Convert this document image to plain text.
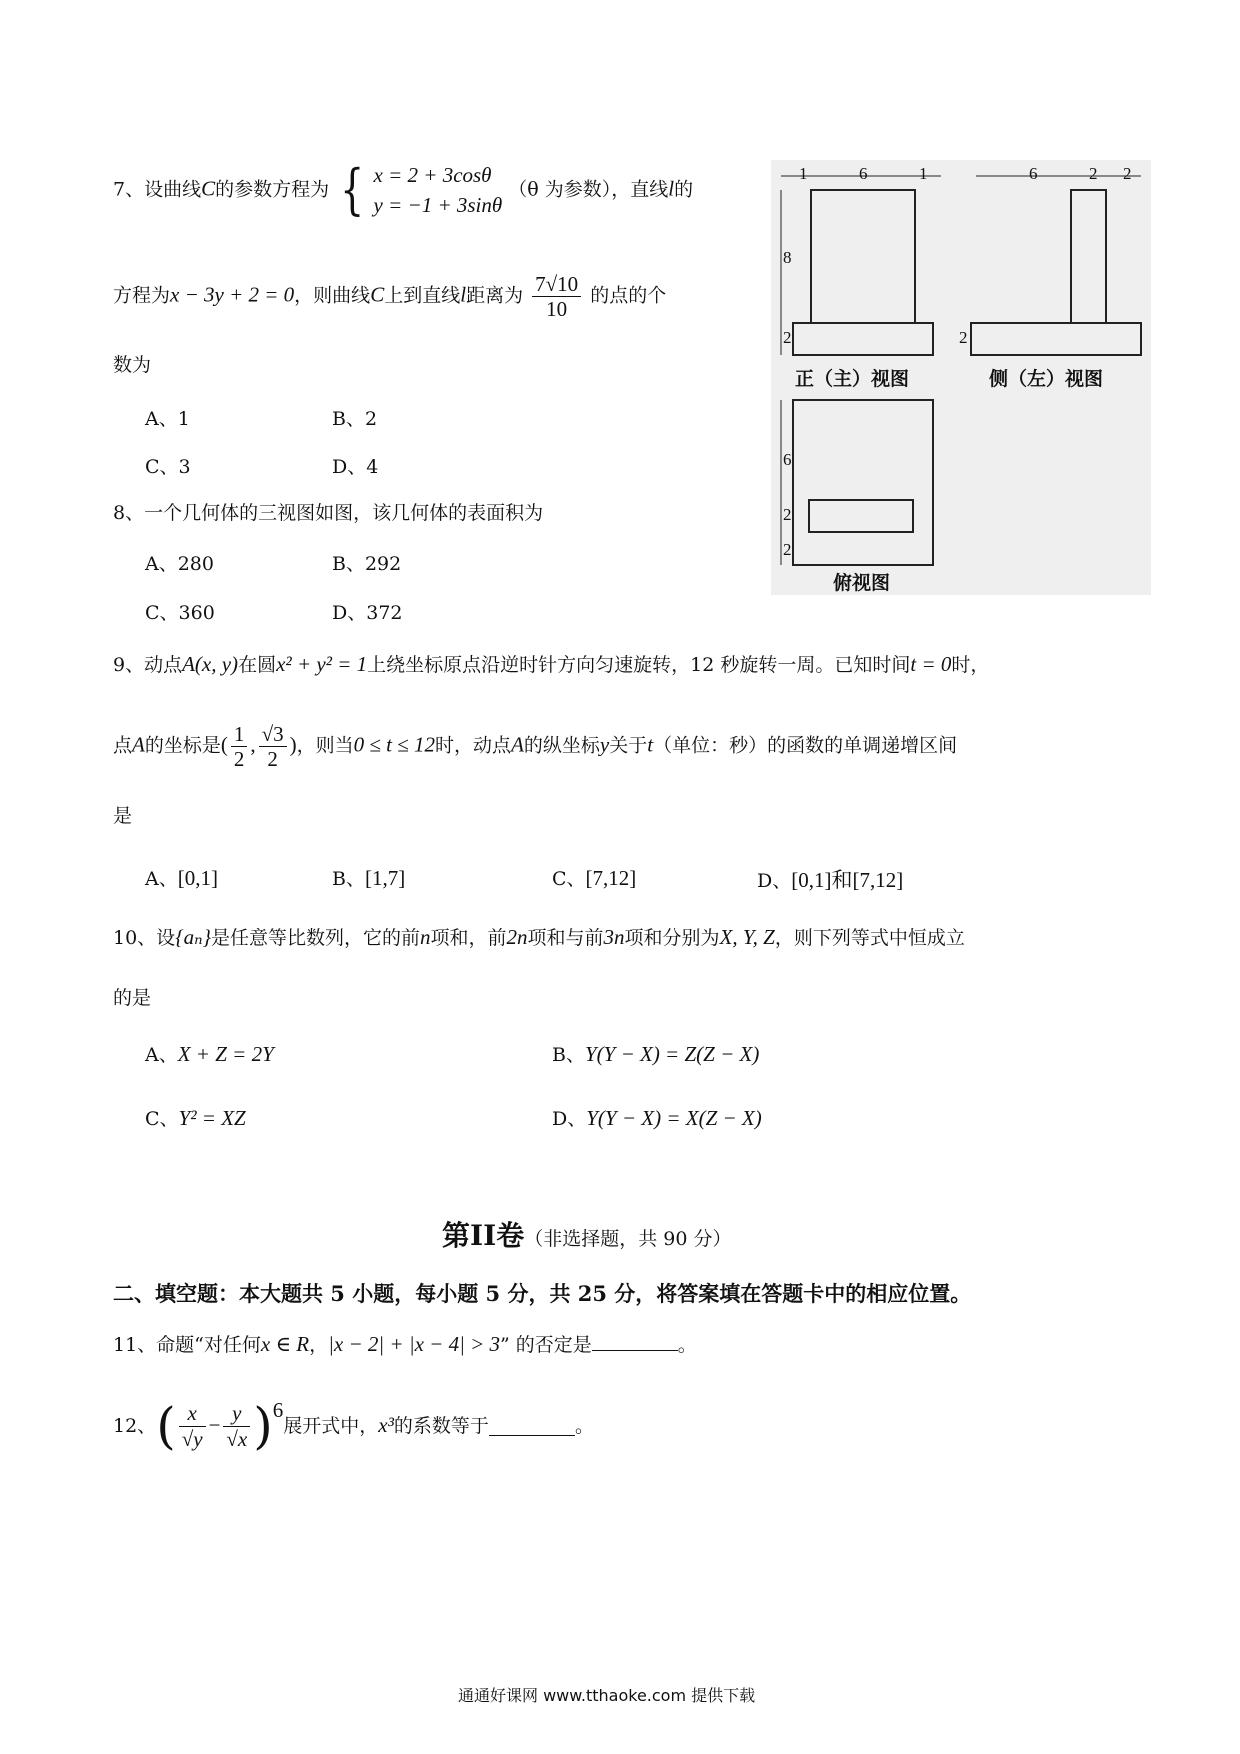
7、设曲线C的参数方程为 { x = 2 + 3cosθ
y = −1 + 3sinθ
（θ 为参数），直线l的
方程为x − 3y + 2 = 0，则曲线C上到直线l距离为 $\frac{7√10}{10}$ 的点的个
数为
A、1	B、2
C、3	D、4
8、一个几何体的三视图如图，该几何体的表面积为
A、280	B、292
C、360	D、372
1	6	1	6	2 2
8
2	2
6
2
2
正（主）视图	侧（左）视图
俯视图
9、动点A(x, y)在圆x² + y² = 1上绕坐标原点沿逆时针方向匀速旋转，12 秒旋转一周。已知时间t = 0时，
点A的坐标是( $\frac{1}{2}$ , $\frac{√3}{2}$ )，则当0 ≤ t ≤ 12时，动点A的纵坐标y关于t（单位：秒）的函数的单调递增区间
是
A、[0,1]	B、[1,7]	C、[7,12]	D、[0,1]和[7,12]
10、设{aₙ}是任意等比数列，它的前n项和，前2n项和与前3n项和分别为X, Y, Z，则下列等式中恒成立
的是
A、X + Z = 2Y	B、Y(Y − X) = Z(Z − X)
C、Y² = XZ	D、Y(Y − X) = X(Z − X)
第II卷（非选择题，共 90 分）
二、填空题：本大题共 5 小题，每小题 5 分，共 25 分，将答案填在答题卡中的相应位置。
11、命题“对任何x ∈ R，|x − 2| + |x − 4| > 3” 的否定是	。
12、 ( $\frac{x}{√y} - \frac{y}{√x}$ ) 6
展开式中， x³ 的系数等于	。
通通好课网 www.tthaoke.com 提供下载
